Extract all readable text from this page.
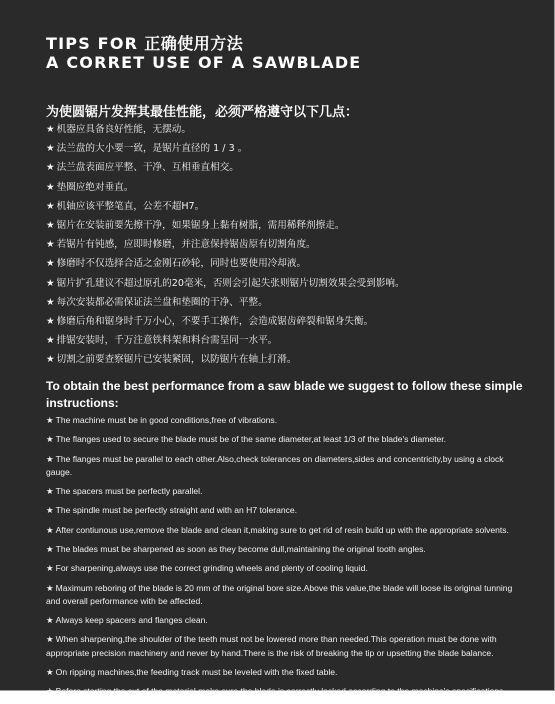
TIPS FOR 正确使用方法
A CORRET USE OF A SAWBLADE
为使圆锯片发挥其最佳性能，必须严格遵守以下几点：
★ 机器应具备良好性能，无摆动。
★ 法兰盘的大小要一致，是锯片直径的 1 / 3 。
★ 法兰盘表面应平整、干净、互相垂直相交。
★ 垫圈应绝对垂直。
★ 机轴应该平整笔直，公差不超H7。
★ 锯片在安装前要先擦干净，如果锯身上黏有树脂，需用稀释剂擦走。
★ 若锯片有钝感，应即时修磨，并注意保持锯齿原有切割角度。
★ 修磨时不仅选择合适之金刚石砂轮，同时也要使用冷却液。
★ 锯片扩孔建议不超过原孔的20毫米，否则会引起失张则锯片切割效果会受到影响。
★ 每次安装都必需保证法兰盘和垫圈的干净、平整。
★ 修磨后角和锯身时千万小心，不要手工操作，会造成锯齿碎裂和锯身失衡。
★ 排锯安装时，千万注意铁料架和料台需呈同一水平。
★ 切割之前要查察锯片已安装紧固，以防锯片在轴上打滑。
To obtain the best performance from a saw blade we suggest to follow these simple instructions:
★ The machine must be in good conditions,free of vibrations.
★ The flanges used to secure the blade must be of the same diameter,at least 1/3 of the blade's diameter.
★ The flanges must be parallel to each other.Also,check tolerances on diameters,sides and concentricity,by using a clock gauge.
★ The spacers must be perfectly parallel.
★ The spindle must be perfectly straight and with an H7 tolerance.
★ After contiunous use,remove the blade and clean it,making sure to get rid of resin build up with the appropriate solvents.
★ The blades must be sharpened as soon as they become dull,maintaining the original tooth angles.
★ For sharpening,always use the correct grinding wheels and plenty of cooling liquid.
★ Maximum reboring of the blade is 20 mm of the original bore size.Above this value,the blade will loose its original tunning and overall performance with be affected.
★ Always keep spacers and flanges clean.
★ When sharpening,the shoulder of the teeth must not be lowered more than needed.This operation must be done with appropriate precision machinery and never by hand.There is the risk of breaking the tip or upsetting the blade balance.
★ On ripping machines,the feeding track must be leveled with the fixed table.
★ Before starting the cut of the material,make sure the blade is correctly locked according to the machine's specifications.
